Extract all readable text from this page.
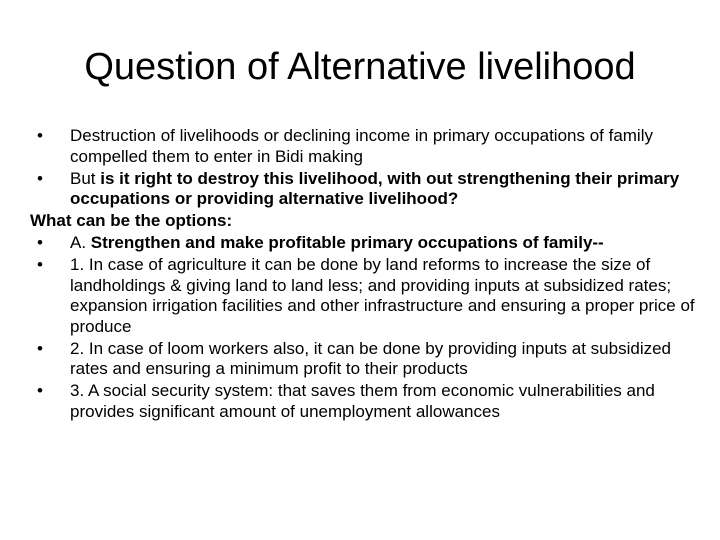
Question of Alternative livelihood
•	Destruction of livelihoods or declining income in primary occupations of family compelled them to enter in Bidi making
•	But is it right to destroy this livelihood, with out strengthening their primary occupations or providing alternative livelihood?
What can be the options:
•	A. Strengthen and make profitable primary occupations of family--
•	1. In case of agriculture it can be done by land reforms to increase the size of landholdings & giving land to land less; and providing inputs at subsidized rates; expansion irrigation facilities and other infrastructure and ensuring a proper price of produce
•	2. In case of loom workers also, it can be done by providing inputs at subsidized rates and ensuring a minimum profit to their products
•	3. A social security system: that saves them from economic vulnerabilities and provides significant amount of unemployment allowances
